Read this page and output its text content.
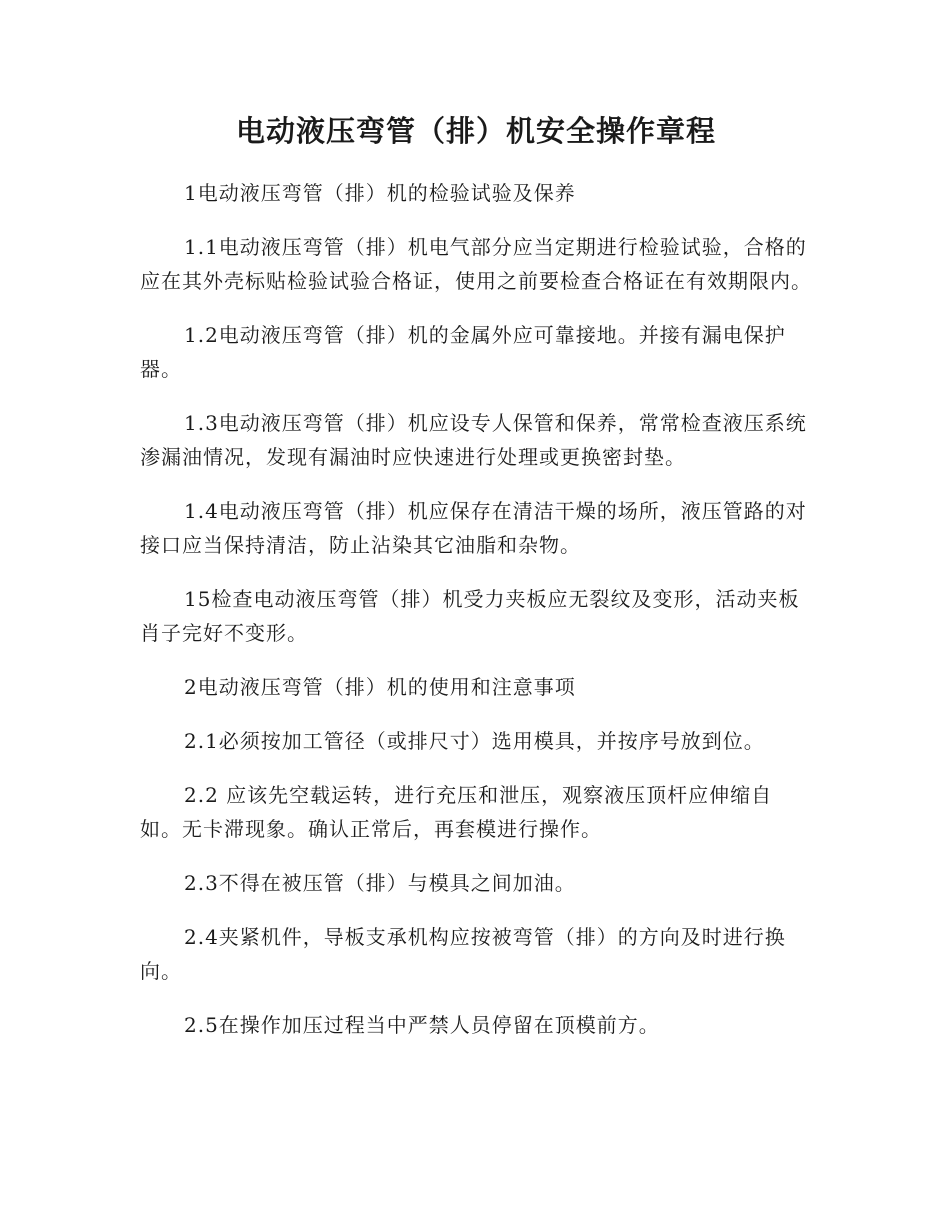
电动液压弯管（排）机安全操作章程

1电动液压弯管（排）机的检验试验及保养

1.1电动液压弯管（排）机电气部分应当定期进行检验试验，合格的应在其外壳标贴检验试验合格证，使用之前要检查合格证在有效期限内。

1.2电动液压弯管（排）机的金属外应可靠接地。并接有漏电保护器。

1.3电动液压弯管（排）机应设专人保管和保养，常常检查液压系统渗漏油情况，发现有漏油时应快速进行处理或更换密封垫。

1.4电动液压弯管（排）机应保存在清洁干燥的场所，液压管路的对接口应当保持清洁，防止沾染其它油脂和杂物。

15检查电动液压弯管（排）机受力夹板应无裂纹及变形，活动夹板肖子完好不变形。

2电动液压弯管（排）机的使用和注意事项

2.1必须按加工管径（或排尺寸）选用模具，并按序号放到位。

2.2 应该先空载运转，进行充压和泄压，观察液压顶杆应伸缩自如。无卡滞现象。确认正常后，再套模进行操作。

2.3不得在被压管（排）与模具之间加油。

2.4夹紧机件，导板支承机构应按被弯管（排）的方向及时进行换向。

2.5在操作加压过程当中严禁人员停留在顶模前方。
